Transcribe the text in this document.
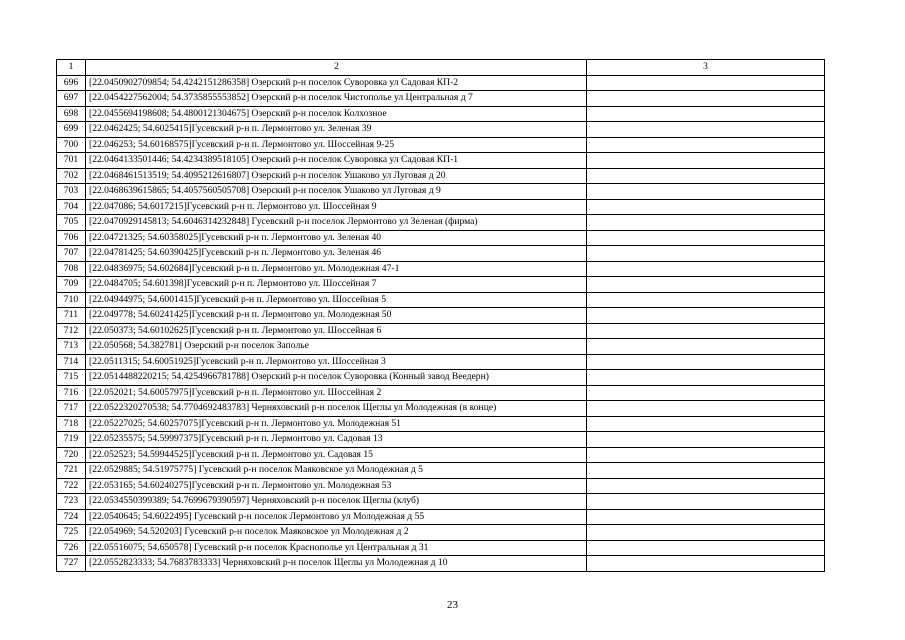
1	2	3
696	[22.0450902709854; 54.4242151286358] Озерский р-н поселок Суворовка ул Садовая КП-2	
697	[22.0454227562004; 54.3735855553852] Озерский р-н поселок Чистополье ул Центральная д 7	
698	[22.0455694198608; 54.4800121304675] Озерский р-н поселок Колхозное	
699	[22.0462425; 54.6025415]Гусевский р-н п. Лермонтово ул. Зеленая 39	
700	[22.046253; 54.60168575]Гусевский р-н п. Лермонтово ул. Шоссейная 9-25	
701	[22.0464133501446; 54.4234389518105] Озерский р-н поселок Суворовка ул Садовая КП-1	
702	[22.0468461513519; 54.4095212616807] Озерский р-н поселок Ушаково ул Луговая д 20	
703	[22.0468639615865; 54.4057560505708] Озерский р-н поселок Ушаково ул Луговая д 9	
704	[22.047086; 54.6017215]Гусевский р-н п. Лермонтово ул. Шоссейная 9	
705	[22.0470929145813; 54.6046314232848] Гусевский р-н поселок Лермонтово ул Зеленая (фирма)	
706	[22.04721325; 54.60358025]Гусевский р-н п. Лермонтово ул. Зеленая 40	
707	[22.04781425; 54.60390425]Гусевский р-н п. Лермонтово ул. Зеленая 46	
708	[22.04836975; 54.602684]Гусевский р-н п. Лермонтово ул. Молодежная 47-1	
709	[22.0484705; 54.601398]Гусевский р-н п. Лермонтово ул. Шоссейная 7	
710	[22.04944975; 54.6001415]Гусевский р-н п. Лермонтово ул. Шоссейная 5	
711	[22.049778; 54.60241425]Гусевский р-н п. Лермонтово ул. Молодежная 50	
712	[22.050373; 54.60102625]Гусевский р-н п. Лермонтово ул. Шоссейная 6	
713	[22.050568; 54.382781] Озерский р-н поселок Заполье	
714	[22.0511315; 54.60051925]Гусевский р-н п. Лермонтово ул. Шоссейная 3	
715	[22.0514488220215; 54.4254966781788] Озерский р-н поселок Суворовка (Конный завод Веедерн)	
716	[22.052021; 54.60057975]Гусевский р-н п. Лермонтово ул. Шоссейная 2	
717	[22.0522320270538; 54.7704692483783] Черняховский р-н поселок Щеглы ул Молодежная (в конце)	
718	[22.05227025; 54.60257075]Гусевский р-н п. Лермонтово ул. Молодежная 51	
719	[22.05235575; 54.59997375]Гусевский р-н п. Лермонтово ул. Садовая 13	
720	[22.052523; 54.59944525]Гусевский р-н п. Лермонтово ул. Садовая 15	
721	[22.0529885; 54.51975775] Гусевский р-н поселок Маяковское ул Молодежная д 5	
722	[22.053165; 54.60240275]Гусевский р-н п. Лермонтово ул. Молодежная 53	
723	[22.0534550399389; 54.7699679390597] Черняховский р-н поселок Щеглы (клуб)	
724	[22.0540645; 54.6022495] Гусевский р-н поселок Лермонтово ул Молодежная д 55	
725	[22.054969; 54.520203] Гусевский р-н поселок Маяковское ул Молодежная д 2	
726	[22.05516075; 54.650578] Гусевский р-н поселок Краснополье ул Центральная д 31	
727	[22.0552823333; 54.7683783333] Черняховский р-н поселок Щеглы ул Молодежная д 10	
23
